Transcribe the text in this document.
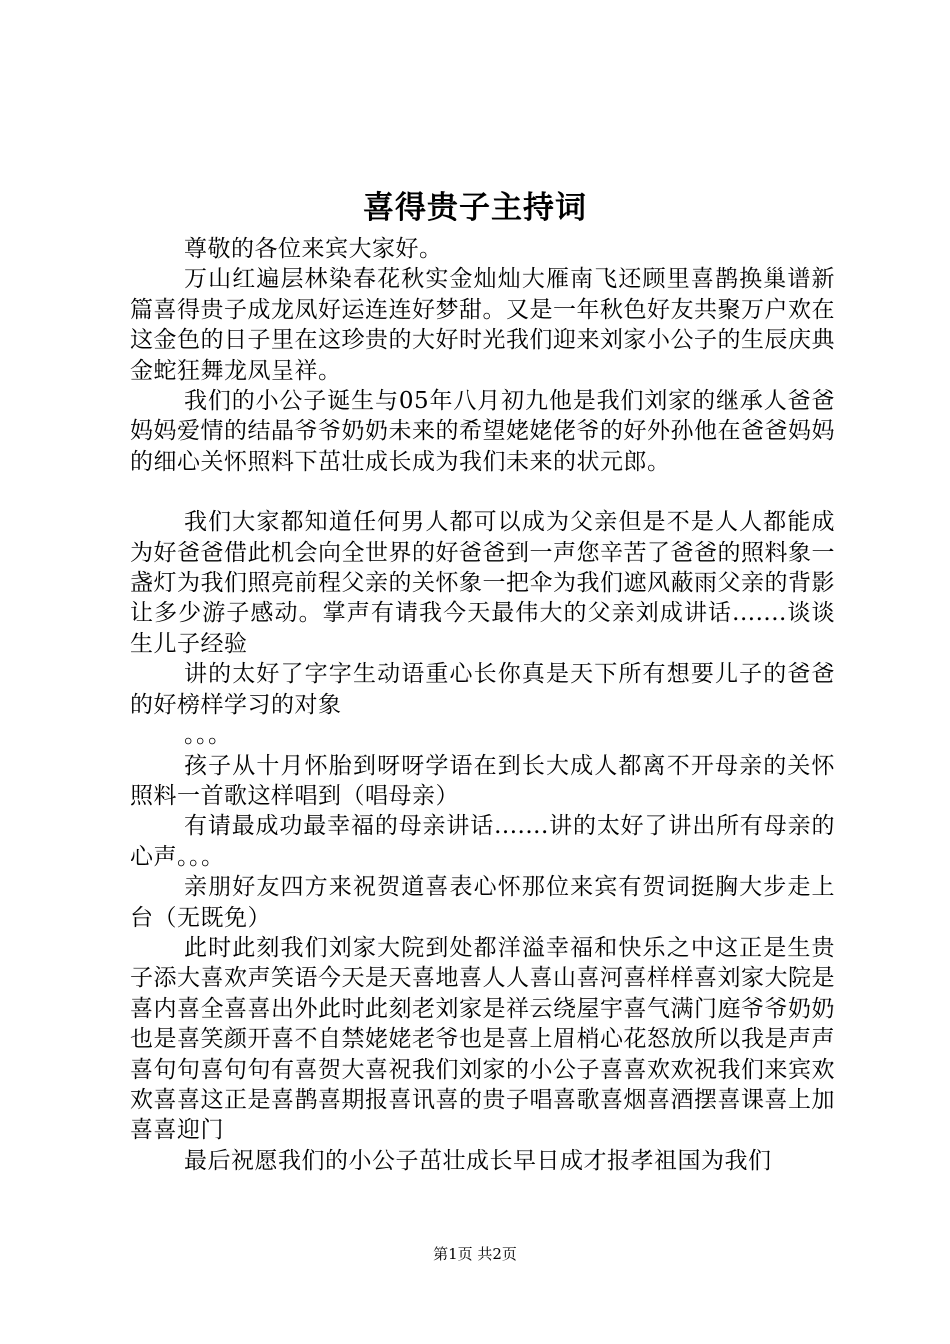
喜得贵子主持词

尊敬的各位来宾大家好。

万山红遍层林染春花秋实金灿灿大雁南飞还顾里喜鹊换巢谱新篇喜得贵子成龙凤好运连连好梦甜。又是一年秋色好友共聚万户欢在这金色的日子里在这珍贵的大好时光我们迎来刘家小公子的生辰庆典金蛇狂舞龙凤呈祥。

我们的小公子诞生与05年八月初九他是我们刘家的继承人爸爸妈妈爱情的结晶爷爷奶奶未来的希望姥姥佬爷的好外孙他在爸爸妈妈的细心关怀照料下茁壮成长成为我们未来的状元郎。

我们大家都知道任何男人都可以成为父亲但是不是人人都能成为好爸爸借此机会向全世界的好爸爸到一声您辛苦了爸爸的照料象一盏灯为我们照亮前程父亲的关怀象一把伞为我们遮风蔽雨父亲的背影让多少游子感动。掌声有请我今天最伟大的父亲刘成讲话.......谈谈生儿子经验

讲的太好了字字生动语重心长你真是天下所有想要儿子的爸爸的好榜样学习的对象

。。。

孩子从十月怀胎到呀呀学语在到长大成人都离不开母亲的关怀照料一首歌这样唱到（唱母亲）

有请最成功最幸福的母亲讲话.......讲的太好了讲出所有母亲的心声。。。

亲朋好友四方来祝贺道喜表心怀那位来宾有贺词挺胸大步走上台（无既免）

此时此刻我们刘家大院到处都洋溢幸福和快乐之中这正是生贵子添大喜欢声笑语今天是天喜地喜人人喜山喜河喜样样喜刘家大院是喜内喜全喜喜出外此时此刻老刘家是祥云绕屋宇喜气满门庭爷爷奶奶也是喜笑颜开喜不自禁姥姥老爷也是喜上眉梢心花怒放所以我是声声喜句句喜句句有喜贺大喜祝我们刘家的小公子喜喜欢欢祝我们来宾欢欢喜喜这正是喜鹊喜期报喜讯喜的贵子唱喜歌喜烟喜酒摆喜课喜上加喜喜迎门

最后祝愿我们的小公子茁壮成长早日成才报孝祖国为我们

第1页 共2页
